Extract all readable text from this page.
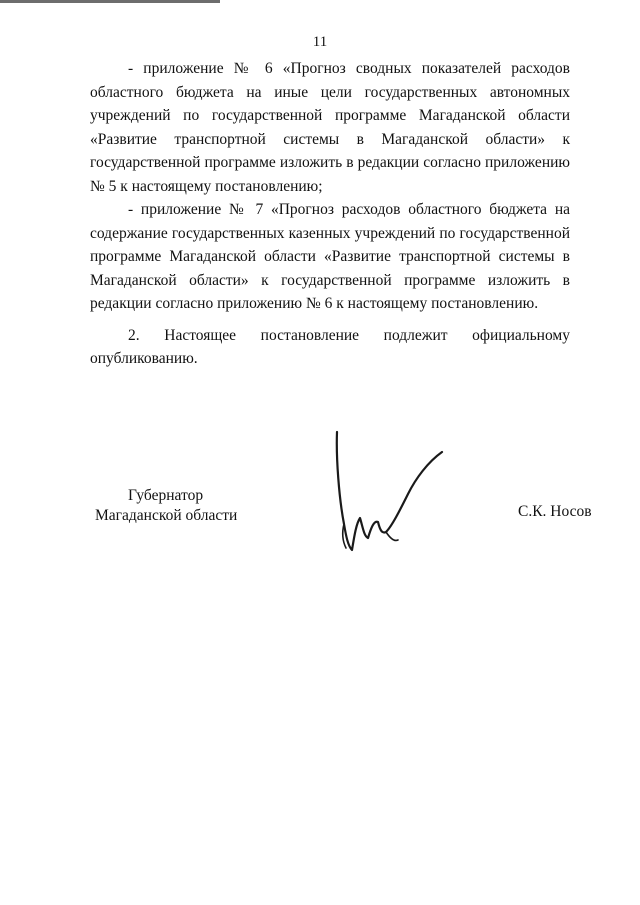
11

- приложение № 6 «Прогноз сводных показателей расходов областного бюджета на иные цели государственных автономных учреждений по государственной программе Магаданской области «Развитие транспортной системы в Магаданской области» к государственной программе изложить в редакции согласно приложению № 5 к настоящему постановлению;

- приложение № 7 «Прогноз расходов областного бюджета на содержание государственных казенных учреждений по государственной программе Магаданской области «Развитие транспортной системы в Магаданской области» к государственной программе изложить в редакции согласно приложению № 6 к настоящему постановлению.

2. Настоящее постановление подлежит официальному опубликованию.

Губернатор
Магаданской области	С.К. Носов
